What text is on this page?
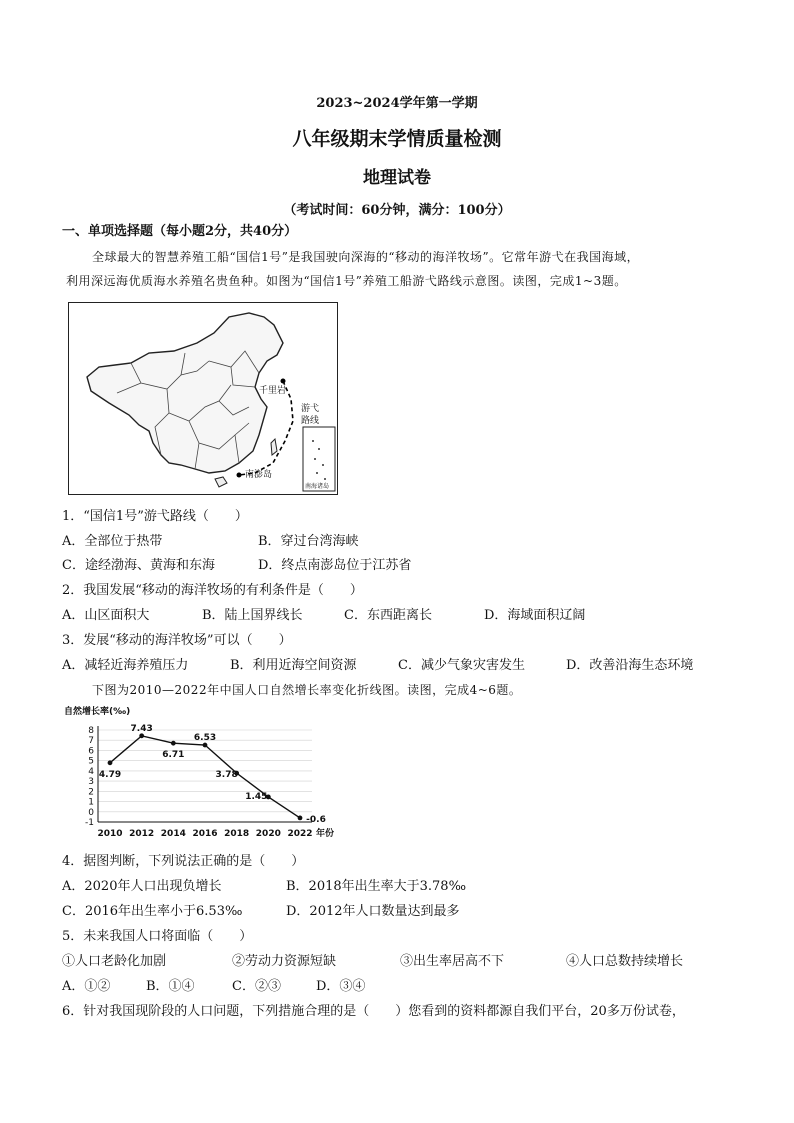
2023~2024学年第一学期
八年级期末学情质量检测
地理试卷
（考试时间：60分钟，满分：100分）
一、单项选择题（每小题2分，共40分）
全球最大的智慧养殖工船“国信1号”是我国驶向深海的“移动的海洋牧场”。它常年游弋在我国海域，
利用深远海优质海水养殖名贵鱼种。如图为“国信1号”养殖工船游弋路线示意图。读图，完成1~3题。
千里岩
游弋
路线
南澎岛
南海诸岛
1．“国信1号”游弋路线（　　）
A．全部位于热带	B．穿过台湾海峡
C．途经渤海、黄海和东海	D．终点南澎岛位于江苏省
2．我国发展“移动的海洋牧场的有利条件是（　　）
A．山区面积大	B．陆上国界线长	C．东西距离长	D．海域面积辽阔
3．发展“移动的海洋牧场”可以（　　）
A．减轻近海养殖压力	B．利用近海空间资源	C．减少气象灾害发生	D．改善沿海生态环境
下图为2010—2022年中国人口自然增长率变化折线图。读图，完成4~6题。
自然增长率(‰)
8
7
6
5
4
3
2
1
0
-1
2010 2012 2014 2016 2018 2020 2022 年份
4.79
7.43
6.71
6.53
3.78
1.45
-0.6
4．据图判断，下列说法正确的是（　　）
A．2020年人口出现负增长	B．2018年出生率大于3.78‰
C．2016年出生率小于6.53‰	D．2012年人口数量达到最多
5．未来我国人口将面临（　　）
①人口老龄化加剧	②劳动力资源短缺	③出生率居高不下	④人口总数持续增长
A．①②	B．①④	C．②③	D．③④
6．针对我国现阶段的人口问题，下列措施合理的是（　　）您看到的资料都源自我们平台，20多万份试卷，
